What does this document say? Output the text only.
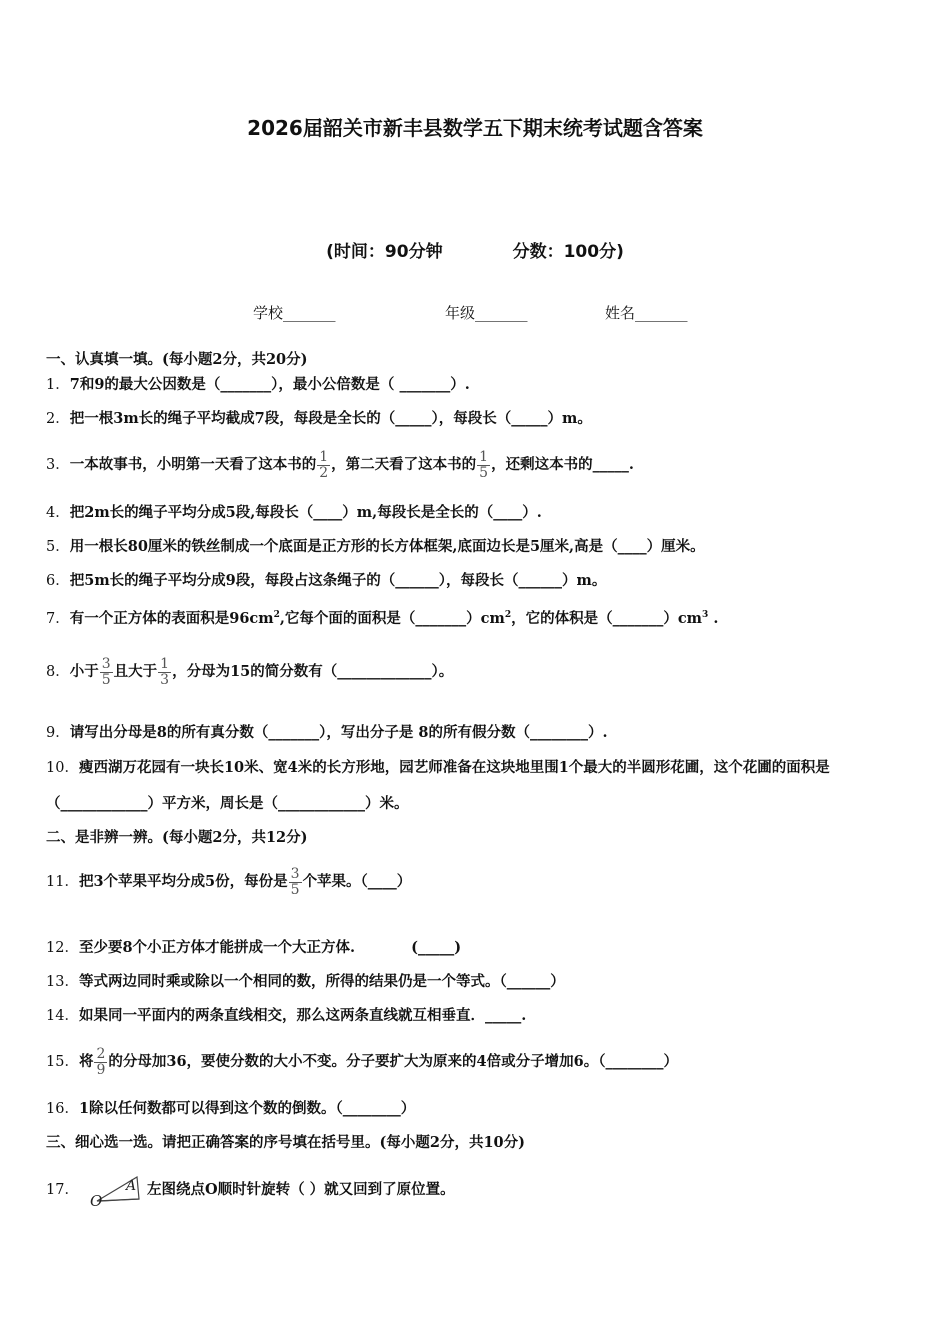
2026届韶关市新丰县数学五下期末统考试题含答案
(时间：90分钟	分数：100分)
学校_______	年级_______	姓名_______
一、认真填一填。(每小题2分，共20分)
1．7和9的最大公因数是（_______），最小公倍数是（ _______）.
2．把一根3m长的绳子平均截成7段，每段是全长的（_____），每段长（_____）m。
3．一本故事书，小明第一天看了这本书的 $\frac{1}{2}$ ，第二天看了这本书的 $\frac{1}{5}$ ，还剩这本书的_____.
4．把2m长的绳子平均分成5段,每段长（____）m,每段长是全长的（____）.
5．用一根长80厘米的铁丝制成一个底面是正方形的长方体框架,底面边长是5厘米,高是（____）厘米。
6．把5m长的绳子平均分成9段，每段占这条绳子的（______），每段长（______）m。
7．有一个正方体的表面积是$96cm^2$,它每个面的面积是$(\_\_\_\_\_\_\_)cm^2$，它的体积是$(\_\_\_\_\_\_\_)cm^3$ .
8．小于 $\frac{3}{5}$ 且大于 $\frac{1}{3}$ ，分母为15的简分数有（_____________）。
9．请写出分母是8的所有真分数（_______），写出分子是 8的所有假分数（________）.
10．瘦西湖万花园有一块长10米、宽4米的长方形地，园艺师准备在这块地里围1个最大的半圆形花圃，这个花圃的面积是（____________）平方米，周长是（____________）米。
二、是非辨一辨。(每小题2分，共12分)
11．把3个苹果平均分成5份，每份是 $\frac{3}{5}$ 个苹果。（____）
12．至少要8个小正方体才能拼成一个大正方体.	(_____)
13．等式两边同时乘或除以一个相同的数，所得的结果仍是一个等式。（______）
14．如果同一平面内的两条直线相交，那么这两条直线就互相垂直．_____.
15．将 $\frac{2}{9}$ 的分母加36，要使分数的大小不变。分子要扩大为原来的4倍或分子增加6。（________）
16．1除以任何数都可以得到这个数的倒数。（________）
三、细心选一选。请把正确答案的序号填在括号里。(每小题2分，共10分)
17．
O
A 左图绕点O顺时针旋转（ ）就又回到了原位置。
